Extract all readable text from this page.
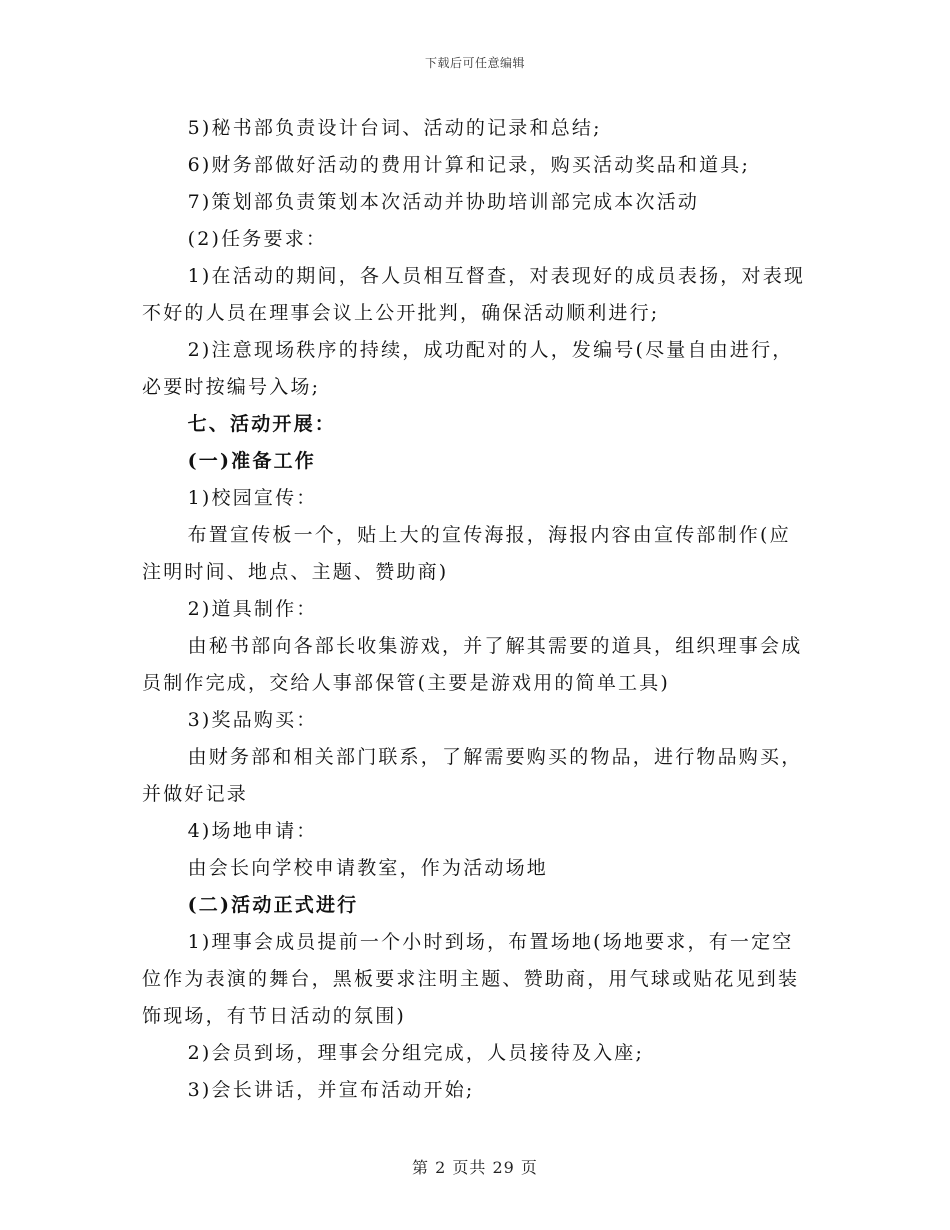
下载后可任意编辑

5)秘书部负责设计台词、活动的记录和总结;

6)财务部做好活动的费用计算和记录，购买活动奖品和道具;

7)策划部负责策划本次活动并协助培训部完成本次活动

(2)任务要求：

1)在活动的期间，各人员相互督查，对表现好的成员表扬，对表现不好的人员在理事会议上公开批判，确保活动顺利进行;

2)注意现场秩序的持续，成功配对的人，发编号(尽量自由进行，必要时按编号入场;

七、活动开展：

(一)准备工作

1)校园宣传：

布置宣传板一个，贴上大的宣传海报，海报内容由宣传部制作(应注明时间、地点、主题、赞助商)

2)道具制作：

由秘书部向各部长收集游戏，并了解其需要的道具，组织理事会成员制作完成，交给人事部保管(主要是游戏用的简单工具)

3)奖品购买：

由财务部和相关部门联系，了解需要购买的物品，进行物品购买，并做好记录

4)场地申请：

由会长向学校申请教室，作为活动场地

(二)活动正式进行

1)理事会成员提前一个小时到场，布置场地(场地要求，有一定空位作为表演的舞台，黑板要求注明主题、赞助商，用气球或贴花见到装饰现场，有节日活动的氛围)

2)会员到场，理事会分组完成，人员接待及入座;

3)会长讲话，并宣布活动开始;

第 2 页共 29 页
